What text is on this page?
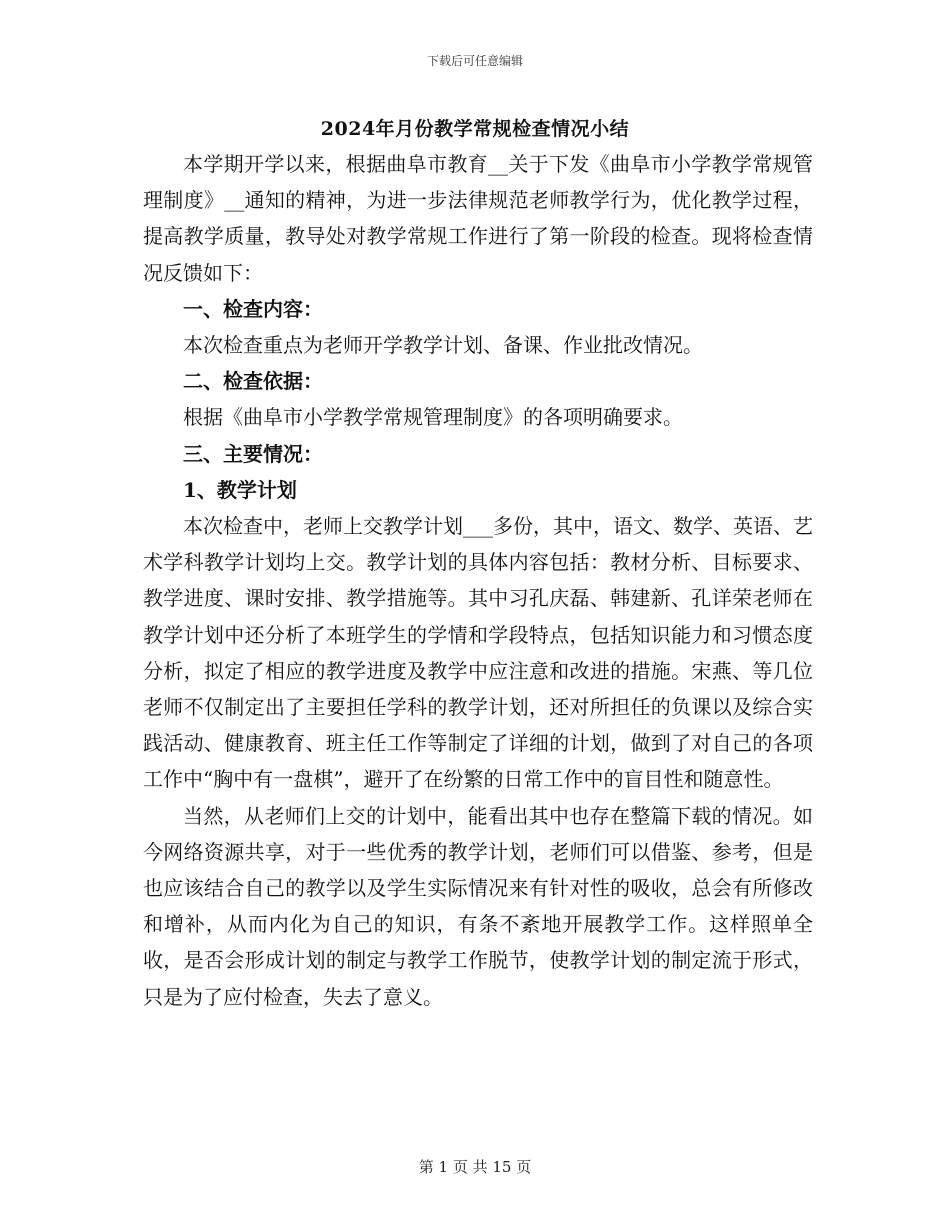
下载后可任意编辑
2024年月份教学常规检查情况小结

本学期开学以来，根据曲阜市教育__关于下发《曲阜市小学教学常规管理制度》__通知的精神，为进一步法律规范老师教学行为，优化教学过程，提高教学质量，教导处对教学常规工作进行了第一阶段的检查。现将检查情况反馈如下：

一、检查内容：

本次检查重点为老师开学教学计划、备课、作业批改情况。

二、检查依据：

根据《曲阜市小学教学常规管理制度》的各项明确要求。

三、主要情况：

1、教学计划

本次检查中，老师上交教学计划___多份，其中，语文、数学、英语、艺术学科教学计划均上交。教学计划的具体内容包括：教材分析、目标要求、教学进度、课时安排、教学措施等。其中习孔庆磊、韩建新、孔详荣老师在教学计划中还分析了本班学生的学情和学段特点，包括知识能力和习惯态度分析，拟定了相应的教学进度及教学中应注意和改进的措施。宋燕、等几位老师不仅制定出了主要担任学科的教学计划，还对所担任的负课以及综合实践活动、健康教育、班主任工作等制定了详细的计划，做到了对自己的各项工作中“胸中有一盘棋”，避开了在纷繁的日常工作中的盲目性和随意性。

当然，从老师们上交的计划中，能看出其中也存在整篇下载的情况。如今网络资源共享，对于一些优秀的教学计划，老师们可以借鉴、参考，但是也应该结合自己的教学以及学生实际情况来有针对性的吸收，总会有所修改和增补，从而内化为自己的知识，有条不紊地开展教学工作。这样照单全收，是否会形成计划的制定与教学工作脱节，使教学计划的制定流于形式，只是为了应付检查，失去了意义。

第 1 页 共 15 页
